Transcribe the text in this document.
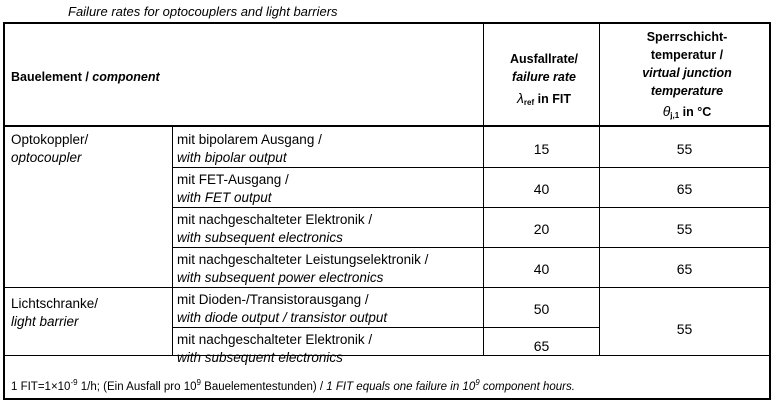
Failure rates for optocouplers and light barriers
Bauelement / component
Ausfallrate/
failure rate
$\lambda_{ref}$ in FIT
Sperrschicht-
temperatur /
virtual junction
temperature
$\theta_{j,1}$ in °C
Optokoppler/
optocoupler
Lichtschranke/
light barrier
mit bipolarem Ausgang /
with bipolar output
mit FET-Ausgang /
with FET output
mit nachgeschalteter Elektronik /
with subsequent electronics
mit nachgeschalteter Leistungselektronik /
with subsequent power electronics
mit Dioden-/Transistorausgang /
with diode output / transistor output
mit nachgeschalteter Elektronik /
with subsequent electronics
15
40
20
40
50
65
55
65
55
65
55
1 $FIT=1\times 10^{-9}$ 1/h; (Ein Ausfall pro $10^9$ Bauelementestunden) / 1 FIT equals one failure in $10^9$ component hours.
